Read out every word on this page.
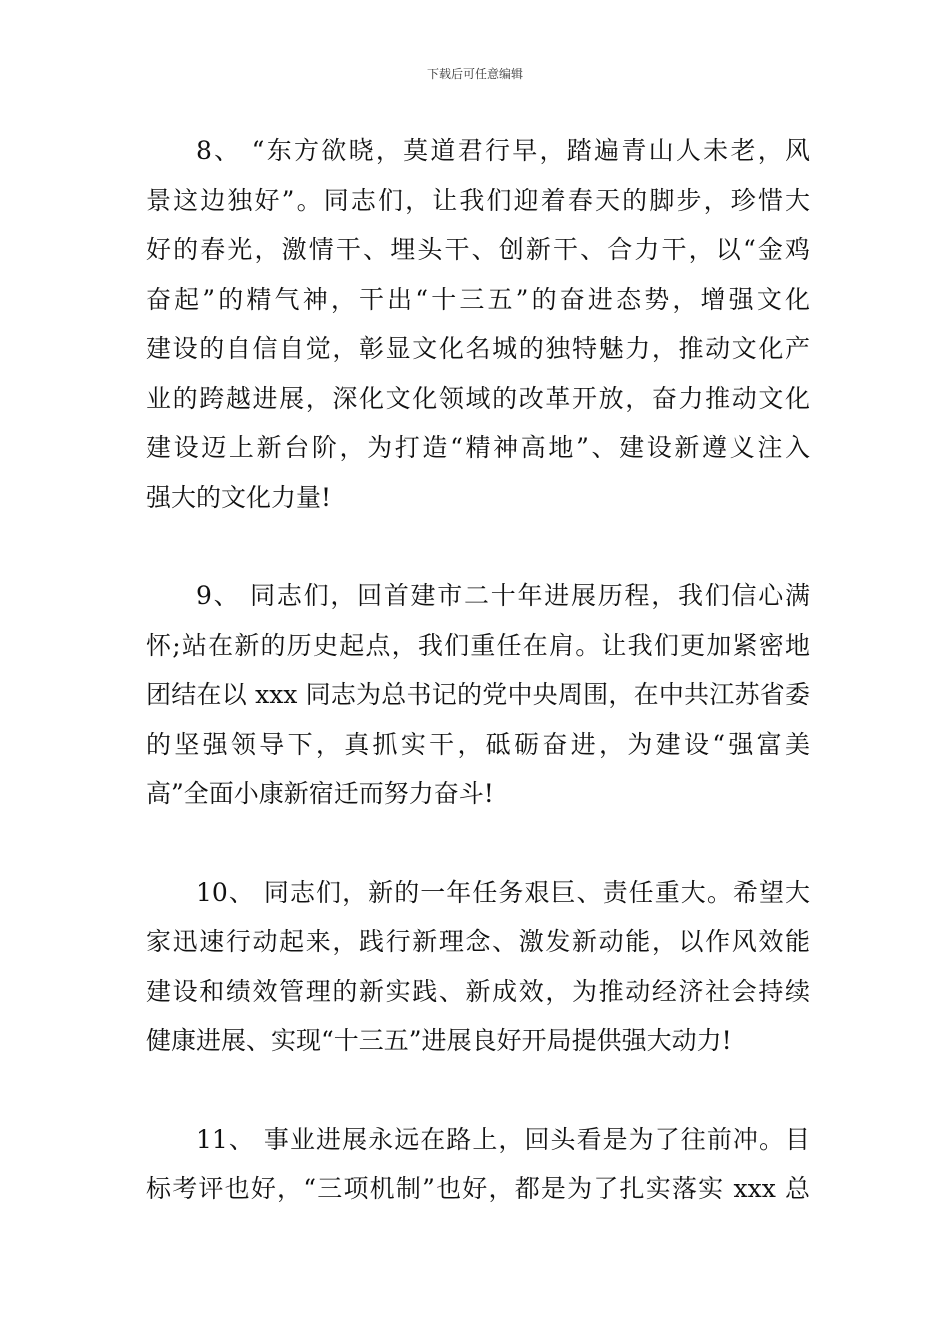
下载后可任意编辑
8、 “东方欲晓，莫道君行早，踏遍青山人未老，风
景这边独好”。同志们，让我们迎着春天的脚步，珍惜大
好的春光，激情干、埋头干、创新干、合力干，以“金鸡
奋起”的精气神，干出“十三五”的奋进态势，增强文化
建设的自信自觉，彰显文化名城的独特魅力，推动文化产
业的跨越进展，深化文化领域的改革开放，奋力推动文化
建设迈上新台阶，为打造“精神高地”、建设新遵义注入
强大的文化力量!
9、 同志们，回首建市二十年进展历程，我们信心满
怀;站在新的历史起点，我们重任在肩。让我们更加紧密地
团结在以 xxx 同志为总书记的党中央周围，在中共江苏省委
的坚强领导下，真抓实干，砥砺奋进，为建设“强富美
高”全面小康新宿迁而努力奋斗!
10、 同志们，新的一年任务艰巨、责任重大。希望大
家迅速行动起来，践行新理念、激发新动能，以作风效能
建设和绩效管理的新实践、新成效，为推动经济社会持续
健康进展、实现“十三五”进展良好开局提供强大动力!
11、 事业进展永远在路上，回头看是为了往前冲。目
标考评也好，“三项机制”也好，都是为了扎实落实 xxx 总
